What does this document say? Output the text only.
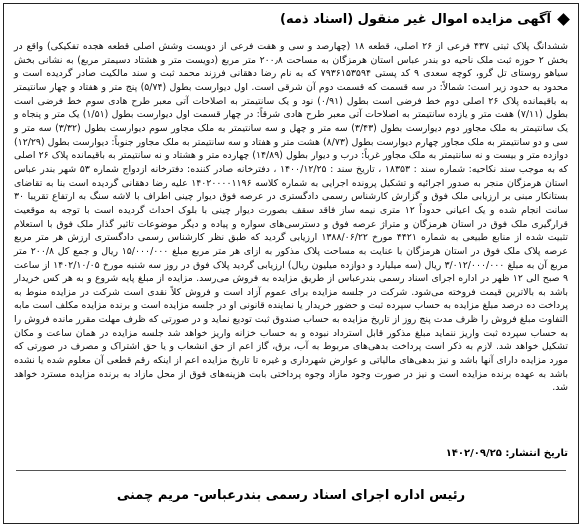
آگهی مزایده اموال غیر منقول (اسناد ذمه)
ششدانگ پلاک ثبتی ۴۳۷ فرعی از ۲۶ اصلی، قطعه ۱۸ (چهارصد و سی و هفت فرعی از دویست وشش اصلی قطعه هجده تفکیکی) واقع در بخش ۲ حوزه ثبت ملک ناحیه دو بندر عباس استان هرمزگان به مساحت ۲۰۰٫۸ متر مربع (دویست متر و هشتاد دسیمتر مربع) به نشانی بخش سیاهو روستای تل گرو، کوچه سعدی ۹ کد پستی ۷۹۳۶۱۵۳۵۹۴ که به نام رضا دهقانی فرزند محمد ثبت و سند مالکیت صادر گردیده است و محدود به حدود زیر است: شمالاً: در سه قسمت که قسمت دوم آن شرقی است. اول دیوارست بطول (۵/۷۴) پنج متر و هفتاد و چهار سانتیمتر به باقیمانده پلاک ۲۶ اصلی دوم خط فرضی است بطول (۰/۹۱) نود و یک سانتیمتر به اصلاحات آتی معبر طرح هادی سوم خط فرضی است بطول (۷/۱۱) هفت متر و یازده سانتیمتر به اصلاحات آتی معبر طرح هادی شرقاً: در چهار قسمت اول دیوارست بطول (۱/۵۱) یک متر و پنجاه و یک سانتیمتر به ملک مجاور دوم دیوارست بطول (۳/۴۳) سه متر و چهل و سه سانتیمتر به ملک مجاور سوم دیوارست بطول (۳/۳۲) سه متر و سی و دو سانتیمتر به ملک مجاور چهارم دیوارست بطول (۸/۷۳) هشت متر و هفتاد و سه سانتیمتر به ملک مجاور جنوباً: دیوارست بطول (۱۲/۲۹) دوازده متر و بیست و نه سانتیمتر به ملک مجاور غرباً: درب و دیوار بطول (۱۴/۸۹) چهارده متر و هشتاد و نه سانتیمتر به باقیمانده پلاک ۲۶ اصلی که به موجب سند نکاحیه: شماره سند : ۱۸۳۵۳ ، تاریخ سند : ۱۴۰۰/۱۲/۲۵ ، دفترخانه صادر کننده: دفترخانه ازدواج شماره ۵۳ شهر بندر عباس استان هرمزگان منجر به صدور اجرائیه و تشکیل پرونده اجرایی به شماره کلاسه ۱۴۰۲۰۰۰۰۱۱۹۶ علیه رضا دهقانی گردیده است بنا به تقاضای بستانکار مبنی بر ارزیابی ملک فوق و گزارش کارشناس رسمی دادگستری در عرصه فوق دیوار چینی اطراف با لاشه سنگ به ارتفاع تقریبا ۳۰ سانت انجام شده و یک اعیانی حدوداً ۱۲ متری نیمه ساز فاقد سقف بصورت دیوار چینی با بلوک احداث گردیده است با توجه به موقعیت قرارگیری ملک فوق در استان هرمزگان و متراژ عرصه فوق و دسترسی‌های سواره و پیاده و دیگر موضوعات تاثیر گذار ملک فوق با استعلام تثبیت شده از منابع طبیعی به شماره ۴۴۲۱ مورخ ۱۳۸۸/۰۶/۲۲ ارزیابی گردید که طبق نظر کارشناس رسمی دادگستری ارزش هر متر مربع عرصه پلاک ملک فوق در استان هرمزگان با عنایت به مساحت پلاک مذکور به ازای هر متر مربع مبلغ ۱۵/۰۰۰/۰۰۰ ریال و جمع کل ۲۰۰/۸ متر مربع آن به مبلغ ۳/۰۱۲/۰۰۰/۰۰۰ ریال (سه میلیارد و دوازده میلیون ریال) ارزیابی گردید پلاک فوق در روز سه شنبه مورخ ۱۴۰۲/۱۰/۰۵ از ساعت ۹ صبح الی ۱۲ ظهر در اداره اجرای اسناد رسمی بندرعباس از طریق مزایده به فروش می‌رسد. مزایده از مبلغ پایه شروع و به هر کس خریدار باشد به بالاترین قیمت فروخته می‌شود. شرکت در جلسه مزایده برای عموم آزاد است و فروش کلاً نقدی است شرکت در مزایده منوط به پرداخت ده درصد مبلغ مزایده به حساب سپرده ثبت و حضور خریدار یا نماینده قانونی او در جلسه مزایده است و برنده مزایده مکلف است مابه التفاوت مبلغ فروش را ظرف مدت پنج روز از تاریخ مزایده به حساب صندوق ثبت تودیع نماید و در صورتی که ظرف مهلت مقرر مانده فروش را به حساب سپرده ثبت واریز ننماید مبلغ مذکور قابل استرداد نبوده و به حساب خزانه واریز خواهد شد جلسه مزایده در همان ساعت و مکان تشکیل خواهد شد. لازم به ذکر است پرداخت بدهی‌های مربوط به آب، برق، گاز اعم از حق انشعاب و یا حق اشتراک و مصرف در صورتی که مورد مزایده دارای آنها باشد و نیز بدهی‌های مالیاتی و عوارض شهرداری و غیره تا تاریخ مزایده اعم از اینکه رقم قطعی آن معلوم شده یا نشده باشد به عهده برنده مزایده است و نیز در صورت وجود مازاد وجوه پرداختی بابت هزینه‌های فوق از محل مازاد به برنده مزایده مسترد خواهد شد.
تاریخ انتشار: ۱۴۰۲/۰۹/۲۵
رئیس اداره اجرای اسناد رسمی بندرعباس- مریم چمنی
